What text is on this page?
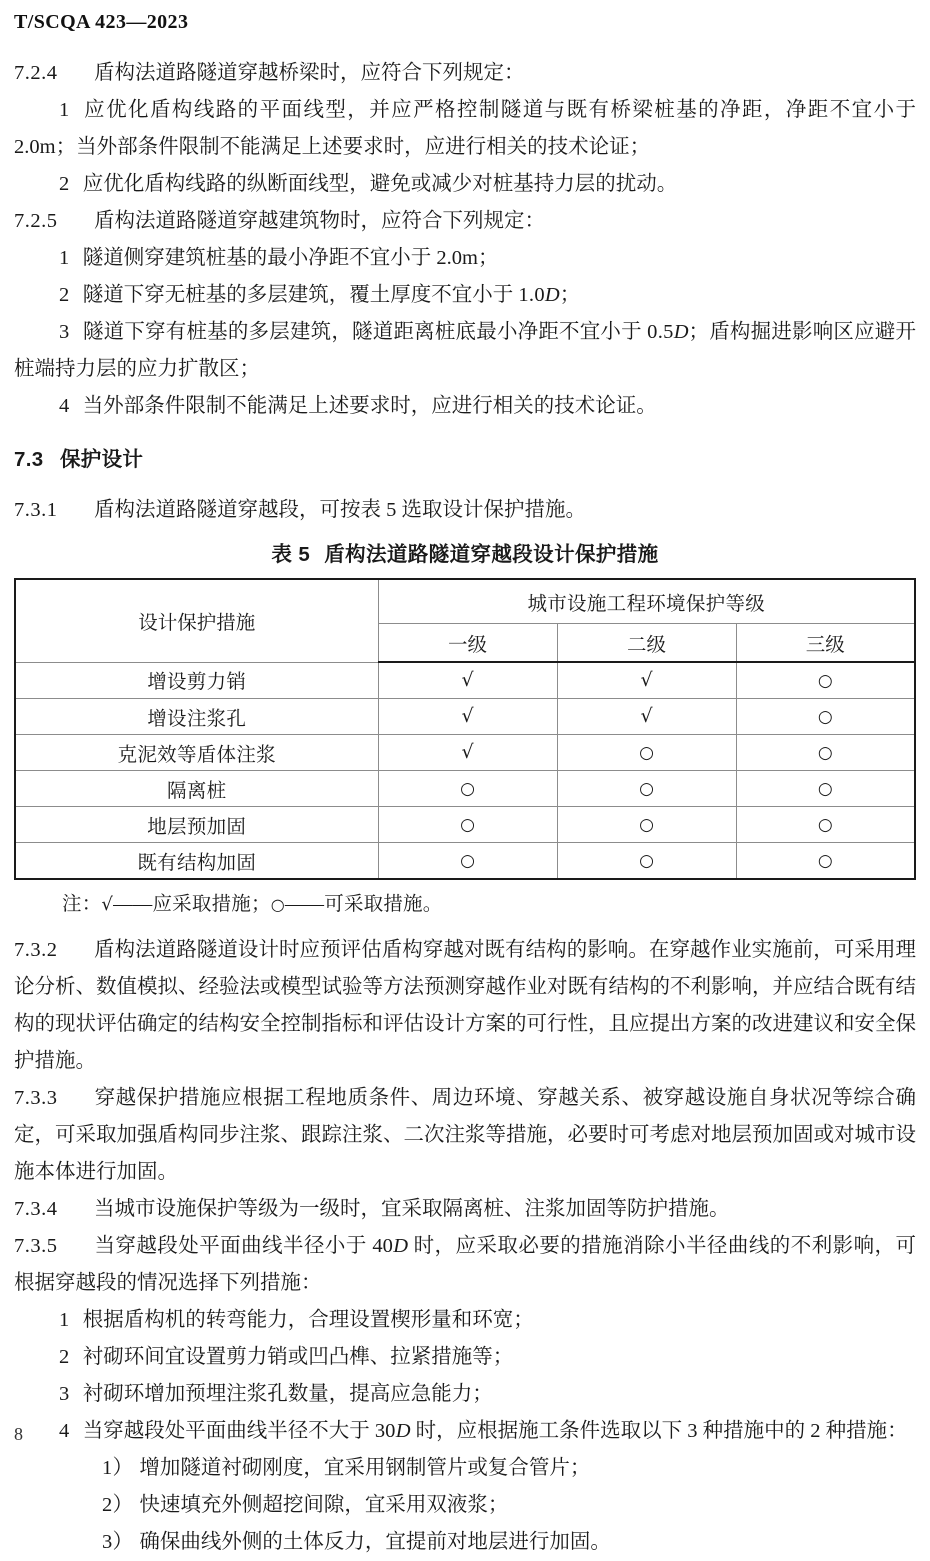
T/SCQA 423—2023

7.2.4 盾构法道路隧道穿越桥梁时，应符合下列规定：

1 应优化盾构线路的平面线型，并应严格控制隧道与既有桥梁桩基的净距，净距不宜小于 2.0m；当外部条件限制不能满足上述要求时，应进行相关的技术论证；

2 应优化盾构线路的纵断面线型，避免或减少对桩基持力层的扰动。

7.2.5 盾构法道路隧道穿越建筑物时，应符合下列规定：

1 隧道侧穿建筑桩基的最小净距不宜小于 2.0m；

2 隧道下穿无桩基的多层建筑，覆土厚度不宜小于 1.0D；

3 隧道下穿有桩基的多层建筑，隧道距离桩底最小净距不宜小于 0.5D；盾构掘进影响区应避开桩端持力层的应力扩散区；

4 当外部条件限制不能满足上述要求时，应进行相关的技术论证。

7.3 保护设计

7.3.1 盾构法道路隧道穿越段，可按表 5 选取设计保护措施。

表 5 盾构法道路隧道穿越段设计保护措施

设计保护措施	城市设施工程环境保护等级		
	一级	二级	三级
增设剪力销	√	√	○
增设注浆孔	√	√	○
克泥效等盾体注浆	√	○	○
隔离桩	○	○	○
地层预加固	○	○	○
既有结构加固	○	○	○

注：√——应采取措施；○——可采取措施。

7.3.2 盾构法道路隧道设计时应预评估盾构穿越对既有结构的影响。在穿越作业实施前，可采用理论分析、数值模拟、经验法或模型试验等方法预测穿越作业对既有结构的不利影响，并应结合既有结构的现状评估确定的结构安全控制指标和评估设计方案的可行性，且应提出方案的改进建议和安全保护措施。

7.3.3 穿越保护措施应根据工程地质条件、周边环境、穿越关系、被穿越设施自身状况等综合确定，可采取加强盾构同步注浆、跟踪注浆、二次注浆等措施，必要时可考虑对地层预加固或对城市设施本体进行加固。

7.3.4 当城市设施保护等级为一级时，宜采取隔离桩、注浆加固等防护措施。

7.3.5 当穿越段处平面曲线半径小于 40D 时，应采取必要的措施消除小半径曲线的不利影响，可根据穿越段的情况选择下列措施：

1 根据盾构机的转弯能力，合理设置楔形量和环宽；

2 衬砌环间宜设置剪力销或凹凸榫、拉紧措施等；

3 衬砌环增加预埋注浆孔数量，提高应急能力；

4 当穿越段处平面曲线半径不大于 30D 时，应根据施工条件选取以下 3 种措施中的 2 种措施：

1） 增加隧道衬砌刚度，宜采用钢制管片或复合管片；

2） 快速填充外侧超挖间隙，宜采用双液浆；

3） 确保曲线外侧的土体反力，宜提前对地层进行加固。

8
